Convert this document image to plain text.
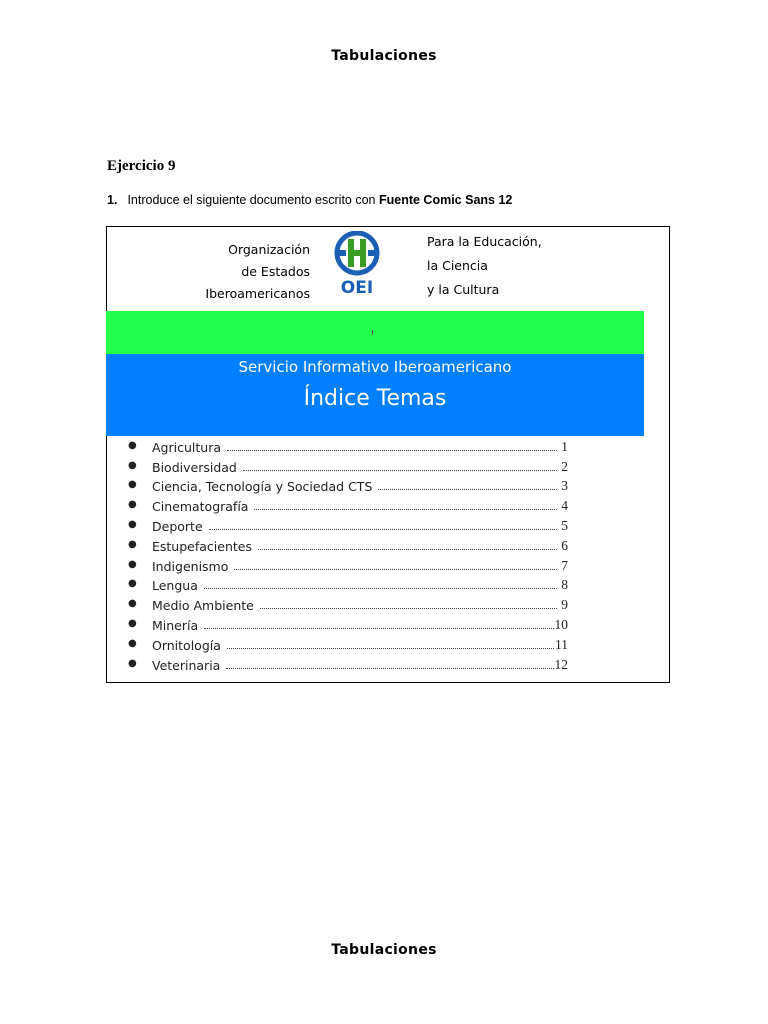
Tabulaciones
Ejercicio 9
1. Introduce el siguiente documento escrito con Fuente Comic Sans 12
Organización
de Estados
Iberoamericanos OEI
Para la Educación,
la Ciencia
y la Cultura
Servicio Informativo Iberoamericano
Índice Temas
●	Agricultura	1
●	Biodiversidad	2
●	Ciencia, Tecnología y Sociedad CTS	3
●	Cinematografía	4
●	Deporte	5
●	Estupefacientes	6
●	Indigenismo	7
●	Lengua	8
●	Medio Ambiente	9
●	Minería	10
●	Ornitología	11
●	Veterinaria	12
Tabulaciones
